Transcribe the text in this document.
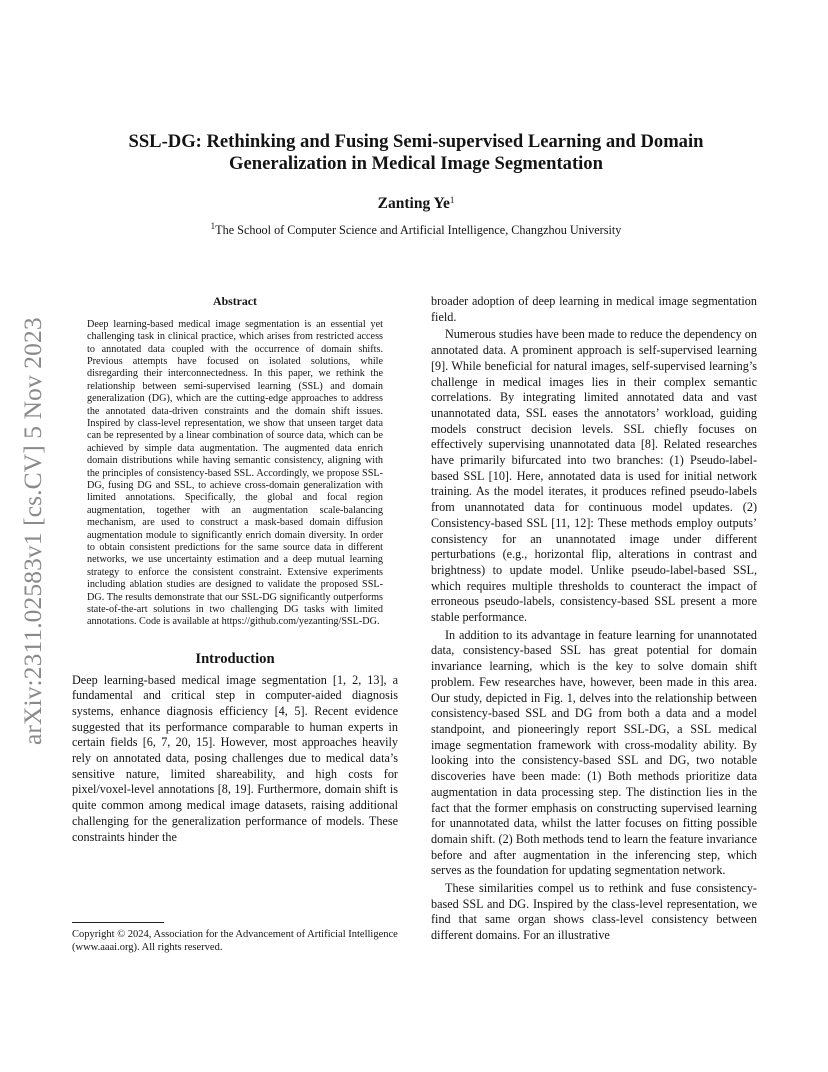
arXiv:2311.02583v1 [cs.CV] 5 Nov 2023
SSL-DG: Rethinking and Fusing Semi-supervised Learning and Domain Generalization in Medical Image Segmentation
Zanting Ye$^1$
$^1$The School of Computer Science and Artificial Intelligence, Changzhou University
Abstract

Deep learning-based medical image segmentation is an essential yet challenging task in clinical practice, which arises from restricted access to annotated data coupled with the occurrence of domain shifts. Previous attempts have focused on isolated solutions, while disregarding their interconnectedness. In this paper, we rethink the relationship between semi-supervised learning (SSL) and domain generalization (DG), which are the cutting-edge approaches to address the annotated data-driven constraints and the domain shift issues. Inspired by class-level representation, we show that unseen target data can be represented by a linear combination of source data, which can be achieved by simple data augmentation. The augmented data enrich domain distributions while having semantic consistency, aligning with the principles of consistency-based SSL. Accordingly, we propose SSL-DG, fusing DG and SSL, to achieve cross-domain generalization with limited annotations. Specifically, the global and focal region augmentation, together with an augmentation scale-balancing mechanism, are used to construct a mask-based domain diffusion augmentation module to significantly enrich domain diversity. In order to obtain consistent predictions for the same source data in different networks, we use uncertainty estimation and a deep mutual learning strategy to enforce the consistent constraint. Extensive experiments including ablation studies are designed to validate the proposed SSL-DG. The results demonstrate that our SSL-DG significantly outperforms state-of-the-art solutions in two challenging DG tasks with limited annotations. Code is available at https://github.com/yezanting/SSL-DG.

Introduction

Deep learning-based medical image segmentation [1, 2, 13], a fundamental and critical step in computer-aided diagnosis systems, enhance diagnosis efficiency [4, 5]. Recent evidence suggested that its performance comparable to human experts in certain fields [6, 7, 20, 15]. However, most approaches heavily rely on annotated data, posing challenges due to medical data’s sensitive nature, limited shareability, and high costs for pixel/voxel-level annotations [8, 19]. Furthermore, domain shift is quite common among medical image datasets, raising additional challenging for the generalization performance of models. These constraints hinder the

broader adoption of deep learning in medical image segmentation field.

Numerous studies have been made to reduce the dependency on annotated data. A prominent approach is self-supervised learning [9]. While beneficial for natural images, self-supervised learning’s challenge in medical images lies in their complex semantic correlations. By integrating limited annotated data and vast unannotated data, SSL eases the annotators’ workload, guiding models construct decision levels. SSL chiefly focuses on effectively supervising unannotated data [8]. Related researches have primarily bifurcated into two branches: (1) Pseudo-label-based SSL [10]. Here, annotated data is used for initial network training. As the model iterates, it produces refined pseudo-labels from unannotated data for continuous model updates. (2) Consistency-based SSL [11, 12]: These methods employ outputs’ consistency for an unannotated image under different perturbations (e.g., horizontal flip, alterations in contrast and brightness) to update model. Unlike pseudo-label-based SSL, which requires multiple thresholds to counteract the impact of erroneous pseudo-labels, consistency-based SSL present a more stable performance.

In addition to its advantage in feature learning for unannotated data, consistency-based SSL has great potential for domain invariance learning, which is the key to solve domain shift problem. Few researches have, however, been made in this area. Our study, depicted in Fig. 1, delves into the relationship between consistency-based SSL and DG from both a data and a model standpoint, and pioneeringly report SSL-DG, a SSL medical image segmentation framework with cross-modality ability. By looking into the consistency-based SSL and DG, two notable discoveries have been made: (1) Both methods prioritize data augmentation in data processing step. The distinction lies in the fact that the former emphasis on constructing supervised learning for unannotated data, whilst the latter focuses on fitting possible domain shift. (2) Both methods tend to learn the feature invariance before and after augmentation in the inferencing step, which serves as the foundation for updating segmentation network.

These similarities compel us to rethink and fuse consistency-based SSL and DG. Inspired by the class-level representation, we find that same organ shows class-level consistency between different domains. For an illustrative

Copyright © 2024, Association for the Advancement of Artificial Intelligence (www.aaai.org). All rights reserved.
